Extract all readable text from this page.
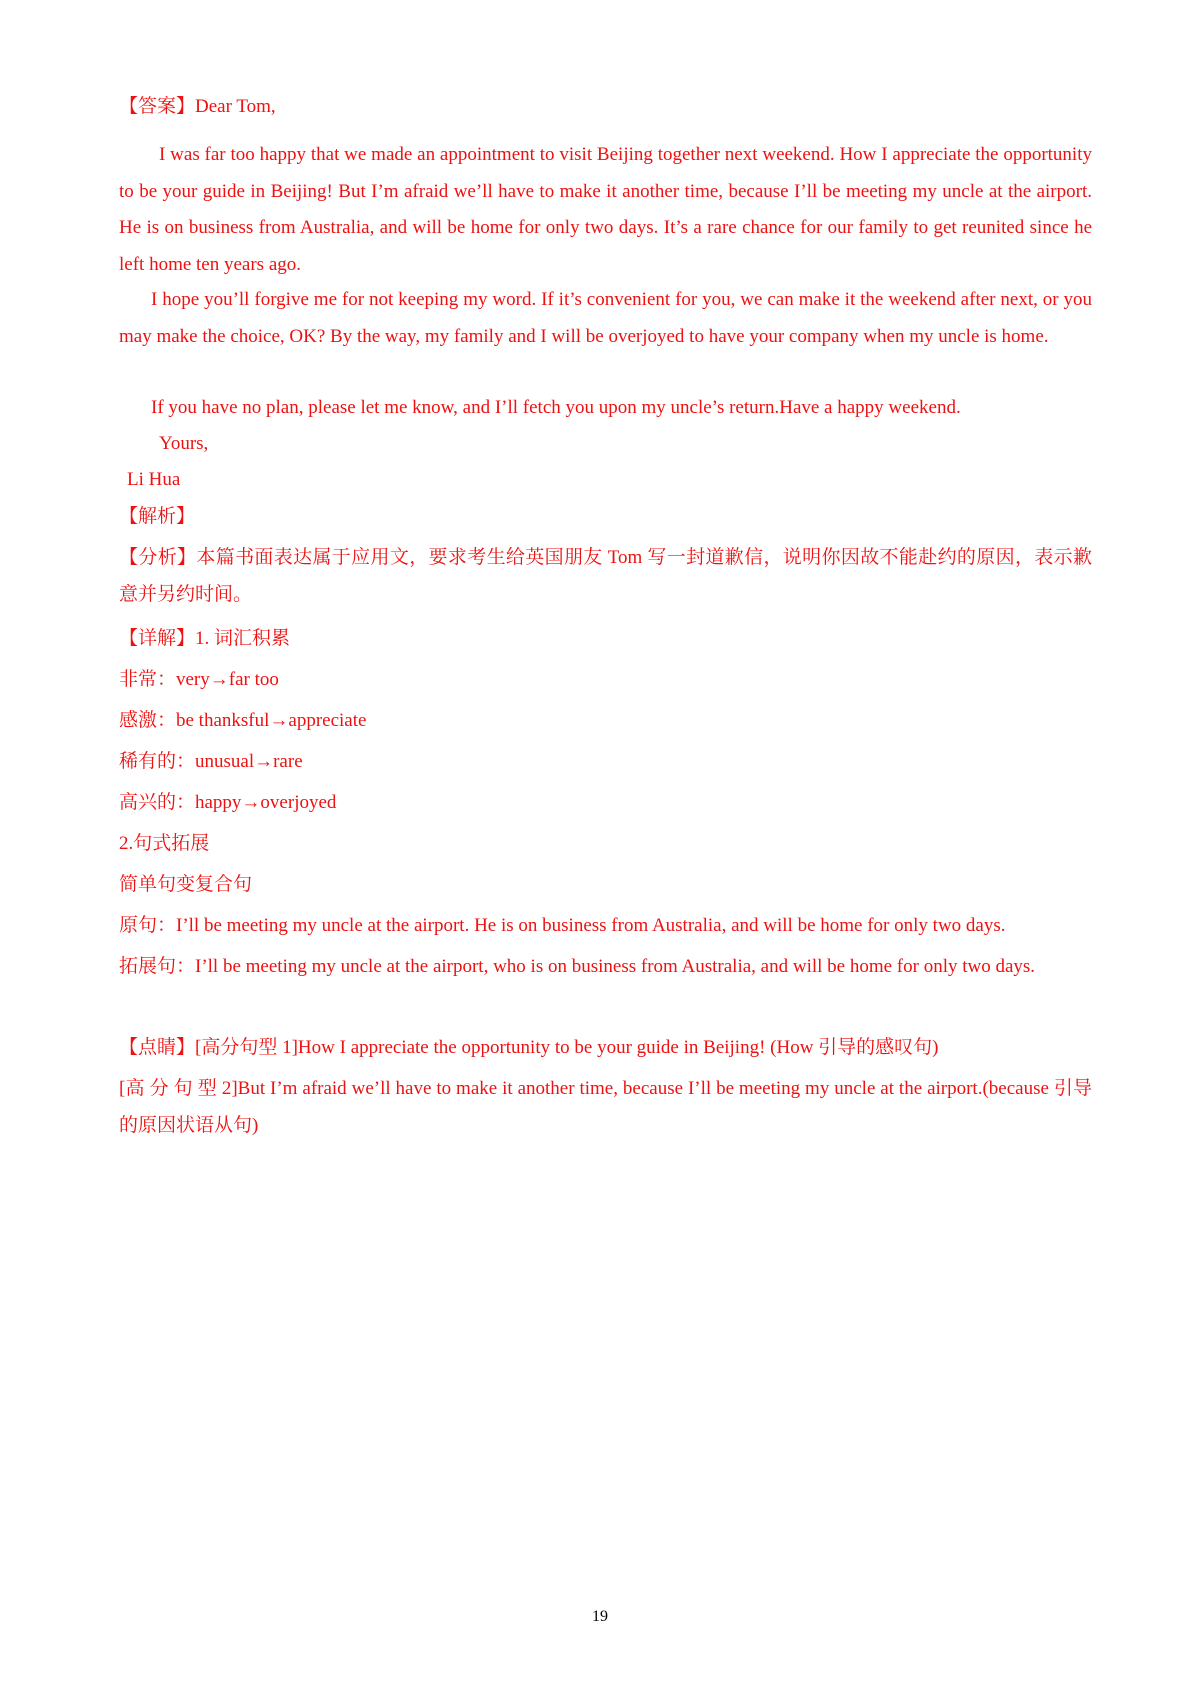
【答案】Dear Tom,

I was far too happy that we made an appointment to visit Beijing together next weekend. How I appreciate the opportunity to be your guide in Beijing! But I’m afraid we’ll have to make it another time, because I’ll be meeting my uncle at the airport. He is on business from Australia, and will be home for only two days. It’s a rare chance for our family to get reunited since he left home ten years ago.

I hope you’ll forgive me for not keeping my word. If it’s convenient for you, we can make it the weekend after next, or you may make the choice, OK? By the way, my family and I will be overjoyed to have your company when my uncle is home.

If you have no plan, please let me know, and I’ll fetch you upon my uncle’s return.Have a happy weekend.

Yours,

Li Hua

【解析】

【分析】本篇书面表达属于应用文，要求考生给英国朋友 Tom 写一封道歉信，说明你因故不能赴约的原因，表示歉意并另约时间。

【详解】1. 词汇积累

非常：very→far too

感激：be thanksful→appreciate

稀有的：unusual→rare

高兴的：happy→overjoyed

2.句式拓展

简单句变复合句

原句：I’ll be meeting my uncle at the airport. He is on business from Australia, and will be home for only two days.

拓展句：I’ll be meeting my uncle at the airport, who is on business from Australia, and will be home for only two days.

【点睛】[高分句型 1]How I appreciate the opportunity to be your guide in Beijing! (How 引导的感叹句)

[高 分 句 型 2]But I’m afraid we’ll have to make it another time, because I’ll be meeting my uncle at the airport.(because 引导的原因状语从句)

19
